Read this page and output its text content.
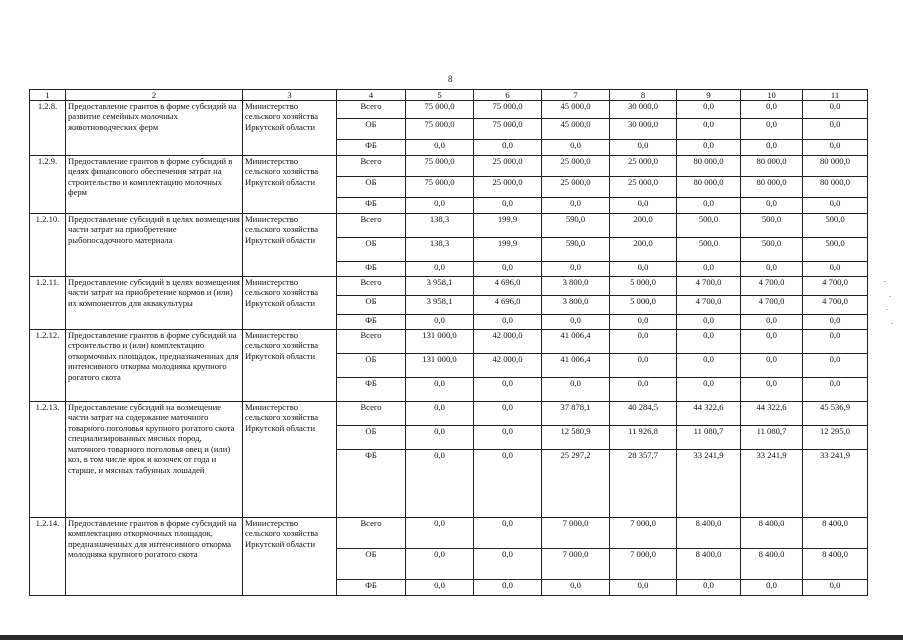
8
1	2	3	4	5	6	7	8	9	10	11
1.2.8.	Предоставление грантов в форме субсидий на развитие семейных молочных животноводческих ферм	Министерство сельского хозяйства Иркутской области	Всего	75 000,0	75 000,0	45 000,0	30 000,0	0,0	0,0	0,0
			ОБ	75 000,0	75 000,0	45 000,0	30 000,0	0,0	0,0	0,0
			ФБ	0,0	0,0	0,0	0,0	0,0	0,0	0,0
1.2.9.	Предоставление грантов в форме субсидий в целях финансового обеспечения затрат на строительство и комплектацию молочных ферм	Министерство сельского хозяйства Иркутской области	Всего	75 000,0	25 000,0	25 000,0	25 000,0	80 000,0	80 000,0	80 000,0
			ОБ	75 000,0	25 000,0	25 000,0	25 000,0	80 000,0	80 000,0	80 000,0
			ФБ	0,0	0,0	0,0	0,0	0,0	0,0	0,0
1.2.10.	Предоставление субсидий в целях возмещения части затрат на приобретение рыбопосадочного материала	Министерство сельского хозяйства Иркутской области	Всего	138,3	199,9	590,0	200,0	500,0	500,0	500,0
			ОБ	138,3	199,9	590,0	200,0	500,0	500,0	500,0
			ФБ	0,0	0,0	0,0	0,0	0,0	0,0	0,0
1.2.11.	Предоставление субсидий в целях возмещения части затрат на приобретение кормов и (или) их компонентов для аквакультуры	Министерство сельского хозяйства Иркутской области	Всего	3 958,1	4 696,0	3 800,0	5 000,0	4 700,0	4 700,0	4 700,0
			ОБ	3 958,1	4 696,0	3 800,0	5 000,0	4 700,0	4 700,0	4 700,0
			ФБ	0,0	0,0	0,0	0,0	0,0	0,0	0,0
1.2.12.	Предоставление грантов в форме субсидий на строительство и (или) комплектацию откормочных площадок, предназначенных для интенсивного откорма молодняка крупного рогатого скота	Министерство сельского хозяйства Иркутской области	Всего	131 000,0	42 000,0	41 006,4	0,0	0,0	0,0	0,0
			ОБ	131 000,0	42 000,0	41 006,4	0,0	0,0	0,0	0,0
			ФБ	0,0	0,0	0,0	0,0	0,0	0,0	0,0
1.2.13.	Предоставление субсидий на возмещение части затрат на содержание маточного товарного поголовья крупного рогатого скота специализированных мясных пород, маточного товарного поголовья овец и (или) коз, в том числе ярок и козочек от года и старше, и мясных табунных лошадей	Министерство сельского хозяйства Иркутской области	Всего	0,0	0,0	37 878,1	40 284,5	44 322,6	44 322,6	45 536,9
			ОБ	0,0	0,0	12 580,9	11 926,8	11 080,7	11 080,7	12 295,0
			ФБ	0,0	0,0	25 297,2	28 357,7	33 241,9	33 241,9	33 241,9
1.2.14.	Предоставление грантов в форме субсидий на комплектацию откормочных площадок, предназначенных для интенсивного откорма молодняка крупного рогатого скота	Министерство сельского хозяйства Иркутской области	Всего	0,0	0,0	7 000,0	7 000,0	8 400,0	8 400,0	8 400,0
			ОБ	0,0	0,0	7 000,0	7 000,0	8 400,0	8 400,0	8 400,0
			ФБ	0,0	0,0	0,0	0,0	0,0	0,0	0,0
